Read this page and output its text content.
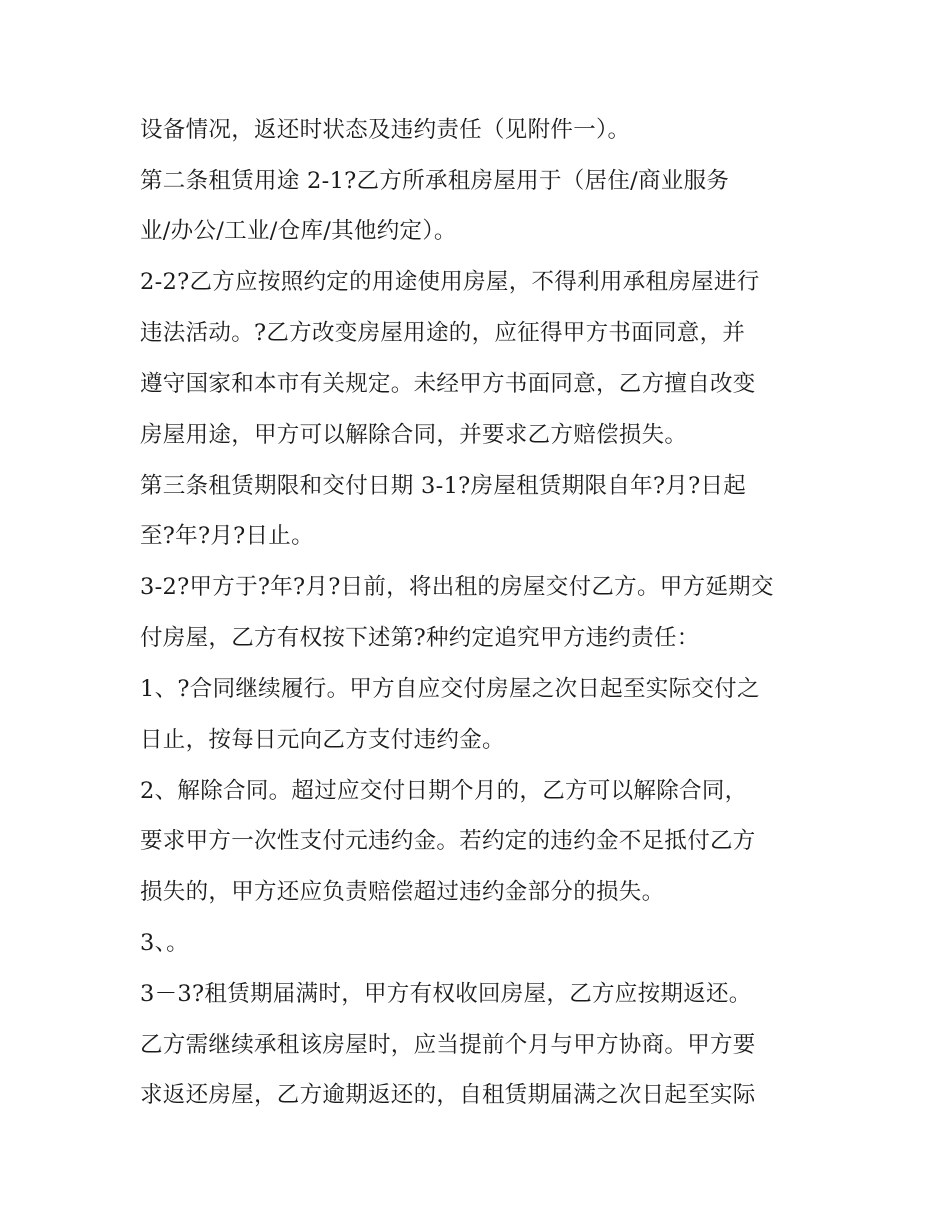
设备情况，返还时状态及违约责任（见附件一）。

第二条租赁用途 2-1?乙方所承租房屋用于（居住/商业服务

业/办公/工业/仓库/其他约定）。

2-2?乙方应按照约定的用途使用房屋，不得利用承租房屋进行

违法活动。?乙方改变房屋用途的，应征得甲方书面同意，并

遵守国家和本市有关规定。未经甲方书面同意，乙方擅自改变

房屋用途，甲方可以解除合同，并要求乙方赔偿损失。

第三条租赁期限和交付日期 3-1?房屋租赁期限自年?月?日起

至?年?月?日止。

3-2?甲方于?年?月?日前，将出租的房屋交付乙方。甲方延期交

付房屋，乙方有权按下述第?种约定追究甲方违约责任：

1、?合同继续履行。甲方自应交付房屋之次日起至实际交付之

日止，按每日元向乙方支付违约金。

2、解除合同。超过应交付日期个月的，乙方可以解除合同，

要求甲方一次性支付元违约金。若约定的违约金不足抵付乙方

损失的，甲方还应负责赔偿超过违约金部分的损失。

3、。

3－3?租赁期届满时，甲方有权收回房屋，乙方应按期返还。

乙方需继续承租该房屋时，应当提前个月与甲方协商。甲方要

求返还房屋，乙方逾期返还的，自租赁期届满之次日起至实际
